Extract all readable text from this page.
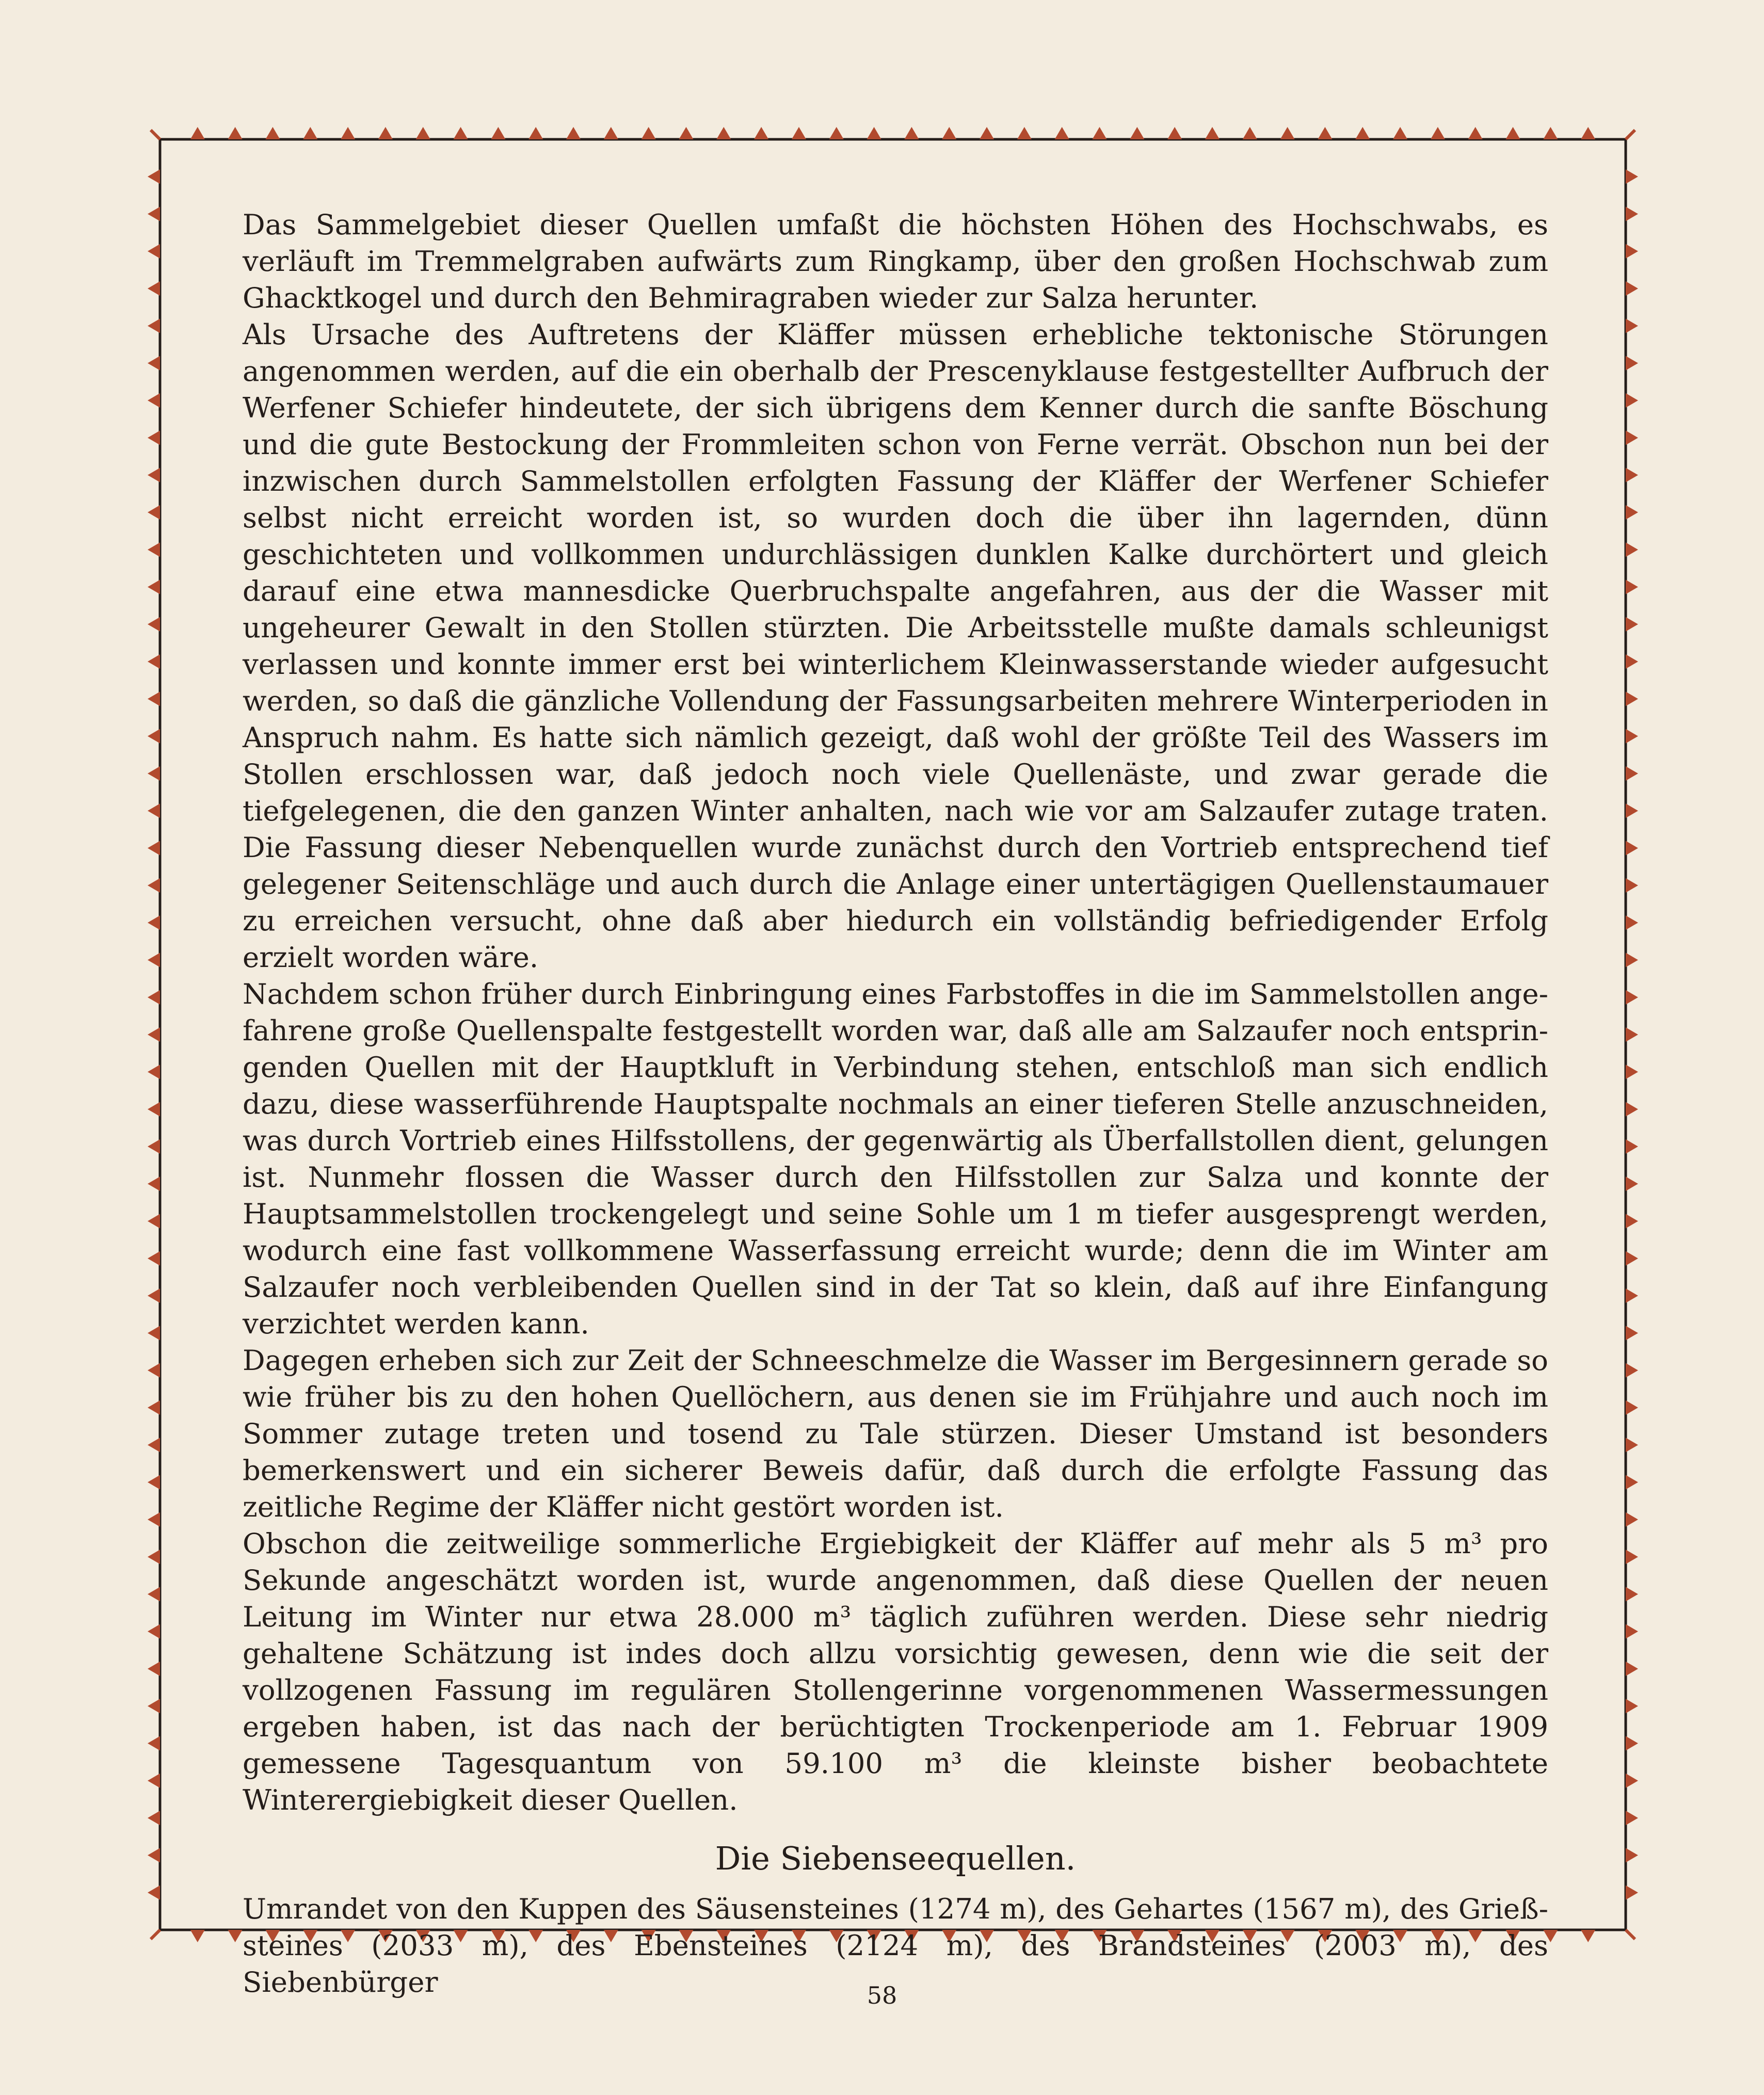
Das Sammelgebiet dieser Quellen umfaßt die höchsten Höhen des Hochschwabs, es verläuft im Tremmelgraben aufwärts zum Ringkamp, über den großen Hochschwab zum Ghacktkogel und durch den Behmiragraben wieder zur Salza herunter.

Als Ursache des Auftretens der Kläffer müssen erhebliche tektonische Störungen angenommen werden, auf die ein oberhalb der Prescenyklause festgestellter Aufbruch der Werfener Schiefer hindeutete, der sich übrigens dem Kenner durch die sanfte Böschung und die gute Bestockung der Frommleiten schon von Ferne verrät. Obschon nun bei der inzwischen durch Sammelstollen erfolgten Fassung der Kläffer der Werfener Schiefer selbst nicht erreicht worden ist, so wurden doch die über ihn lagernden, dünn geschichteten und vollkommen undurchlässigen dunklen Kalke durchörtert und gleich darauf eine etwa mannesdicke Querbruchspalte angefahren, aus der die Wasser mit ungeheurer Gewalt in den Stollen stürzten. Die Arbeitsstelle mußte damals schleunigst verlassen und konnte immer erst bei winterlichem Kleinwasserstande wieder aufgesucht werden, so daß die gänzliche Vollendung der Fassungsarbeiten mehrere Winterperioden in Anspruch nahm. Es hatte sich nämlich gezeigt, daß wohl der größte Teil des Wassers im Stollen erschlossen war, daß jedoch noch viele Quellenäste, und zwar gerade die tiefgelegenen, die den ganzen Winter anhalten, nach wie vor am Salzaufer zutage traten. Die Fassung dieser Nebenquellen wurde zunächst durch den Vortrieb entsprechend tief gelegener Seitenschläge und auch durch die Anlage einer untertägigen Quellenstaumauer zu erreichen versucht, ohne daß aber hiedurch ein vollständig befriedigender Erfolg erzielt worden wäre.

Nachdem schon früher durch Einbringung eines Farbstoffes in die im Sammelstollen angefahrene große Quellenspalte festgestellt worden war, daß alle am Salzaufer noch entspringenden Quellen mit der Hauptkluft in Verbindung stehen, entschloß man sich endlich dazu, diese wasserführende Hauptspalte nochmals an einer tieferen Stelle anzuschneiden, was durch Vortrieb eines Hilfsstollens, der gegenwärtig als Überfallstollen dient, gelungen ist. Nunmehr flossen die Wasser durch den Hilfsstollen zur Salza und konnte der Hauptsammelstollen trockengelegt und seine Sohle um 1 m tiefer ausgesprengt werden, wodurch eine fast vollkommene Wasserfassung erreicht wurde; denn die im Winter am Salzaufer noch verbleibenden Quellen sind in der Tat so klein, daß auf ihre Einfangung verzichtet werden kann.

Dagegen erheben sich zur Zeit der Schneeschmelze die Wasser im Bergesinnern gerade so wie früher bis zu den hohen Quellöchern, aus denen sie im Frühjahre und auch noch im Sommer zutage treten und tosend zu Tale stürzen. Dieser Umstand ist besonders bemerkenswert und ein sicherer Beweis dafür, daß durch die erfolgte Fassung das zeitliche Regime der Kläffer nicht gestört worden ist.

Obschon die zeitweilige sommerliche Ergiebigkeit der Kläffer auf mehr als 5 m³ pro Sekunde angeschätzt worden ist, wurde angenommen, daß diese Quellen der neuen Leitung im Winter nur etwa 28.000 m³ täglich zuführen werden. Diese sehr niedrig gehaltene Schätzung ist indes doch allzu vorsichtig gewesen, denn wie die seit der vollzogenen Fassung im regulären Stollengerinne vorgenommenen Wassermessungen ergeben haben, ist das nach der berüchtigten Trockenperiode am 1. Februar 1909 gemessene Tagesquantum von 59.100 m³ die kleinste bisher beobachtete Winterergiebigkeit dieser Quellen.

Die Siebenseequellen.

Umrandet von den Kuppen des Säusensteines (1274 m), des Gehartes (1567 m), des Grießsteines (2033 m), des Ebensteines (2124 m), des Brandsteines (2003 m), des Siebenbürger	58
